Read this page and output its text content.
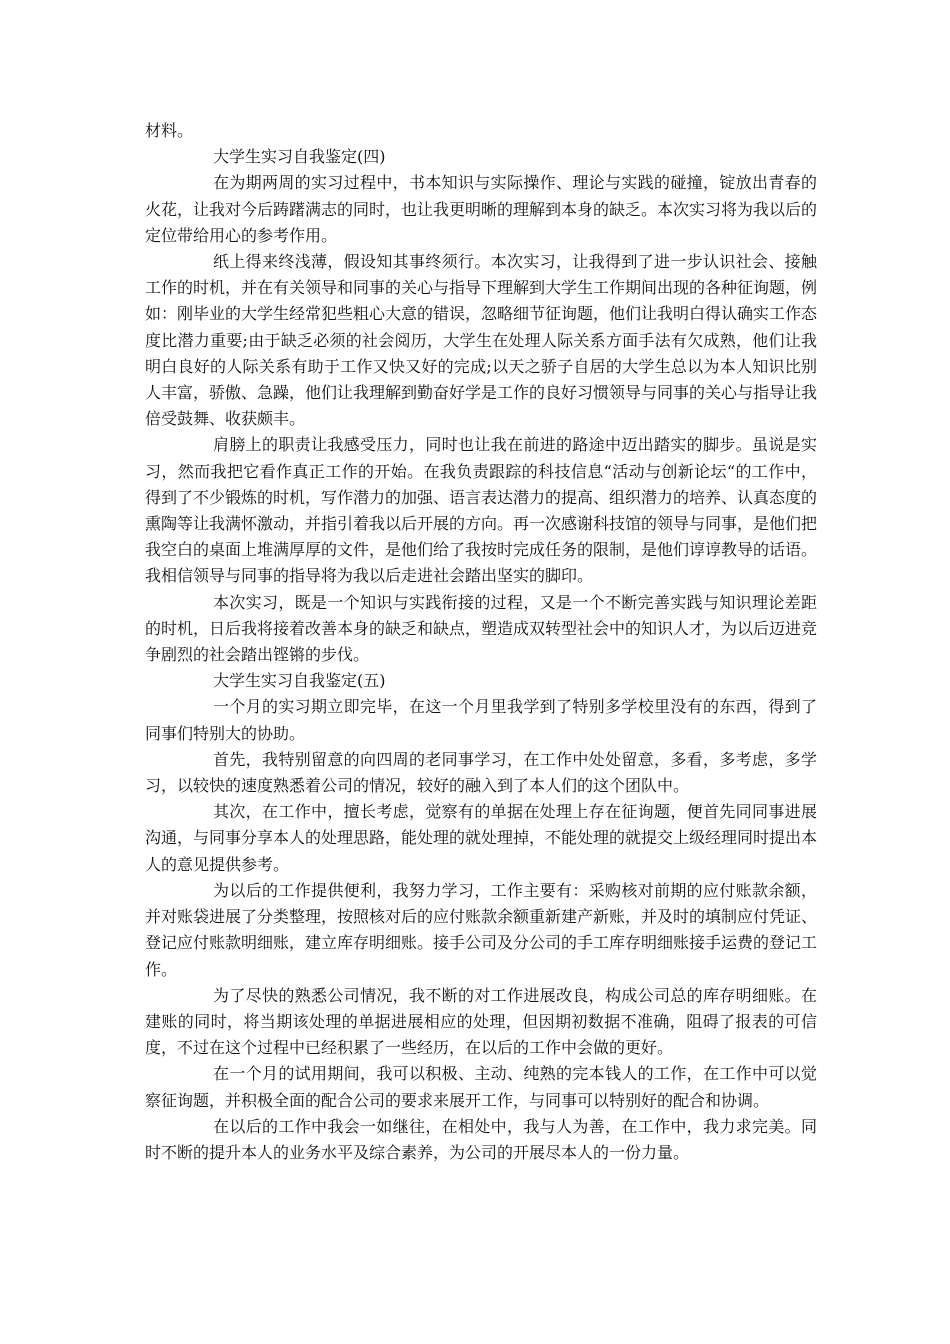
材料。

大学生实习自我鉴定(四)

在为期两周的实习过程中，书本知识与实际操作、理论与实践的碰撞，锭放出青春的火花，让我对今后踌躇满志的同时，也让我更明晰的理解到本身的缺乏。本次实习将为我以后的定位带给用心的参考作用。

纸上得来终浅薄，假设知其事终须行。本次实习，让我得到了进一步认识社会、接触工作的时机，并在有关领导和同事的关心与指导下理解到大学生工作期间出现的各种征询题，例如：刚毕业的大学生经常犯些粗心大意的错误，忽略细节征询题，他们让我明白得认确实工作态度比潜力重要;由于缺乏必须的社会阅历，大学生在处理人际关系方面手法有欠成熟，他们让我明白良好的人际关系有助于工作又快又好的完成;以天之骄子自居的大学生总以为本人知识比别人丰富，骄傲、急躁，他们让我理解到勤奋好学是工作的良好习惯领导与同事的关心与指导让我倍受鼓舞、收获颇丰。

肩膀上的职责让我感受压力，同时也让我在前进的路途中迈出踏实的脚步。虽说是实习，然而我把它看作真正工作的开始。在我负责跟踪的科技信息“活动与创新论坛“的工作中，得到了不少锻炼的时机，写作潜力的加强、语言表达潜力的提高、组织潜力的培养、认真态度的熏陶等让我满怀激动，并指引着我以后开展的方向。再一次感谢科技馆的领导与同事，是他们把我空白的桌面上堆满厚厚的文件，是他们给了我按时完成任务的限制，是他们谆谆教导的话语。我相信领导与同事的指导将为我以后走进社会踏出坚实的脚印。

本次实习，既是一个知识与实践衔接的过程，又是一个不断完善实践与知识理论差距的时机，日后我将接着改善本身的缺乏和缺点，塑造成双转型社会中的知识人才，为以后迈进竞争剧烈的社会踏出铿锵的步伐。

大学生实习自我鉴定(五)

一个月的实习期立即完毕，在这一个月里我学到了特别多学校里没有的东西，得到了同事们特别大的协助。

首先，我特别留意的向四周的老同事学习，在工作中处处留意，多看，多考虑，多学习，以较快的速度熟悉着公司的情况，较好的融入到了本人们的这个团队中。

其次，在工作中，擅长考虑，觉察有的单据在处理上存在征询题，便首先同同事进展沟通，与同事分享本人的处理思路，能处理的就处理掉，不能处理的就提交上级经理同时提出本人的意见提供参考。

为以后的工作提供便利，我努力学习，工作主要有：采购核对前期的应付账款余额，并对账袋进展了分类整理，按照核对后的应付账款余额重新建产新账，并及时的填制应付凭证、登记应付账款明细账，建立库存明细账。接手公司及分公司的手工库存明细账接手运费的登记工作。

为了尽快的熟悉公司情况，我不断的对工作进展改良，构成公司总的库存明细账。在建账的同时，将当期该处理的单据进展相应的处理，但因期初数据不准确，阻碍了报表的可信度，不过在这个过程中已经积累了一些经历，在以后的工作中会做的更好。

在一个月的试用期间，我可以积极、主动、纯熟的完本钱人的工作，在工作中可以觉察征询题，并积极全面的配合公司的要求来展开工作，与同事可以特别好的配合和协调。

在以后的工作中我会一如继往，在相处中，我与人为善，在工作中，我力求完美。同时不断的提升本人的业务水平及综合素养，为公司的开展尽本人的一份力量。
